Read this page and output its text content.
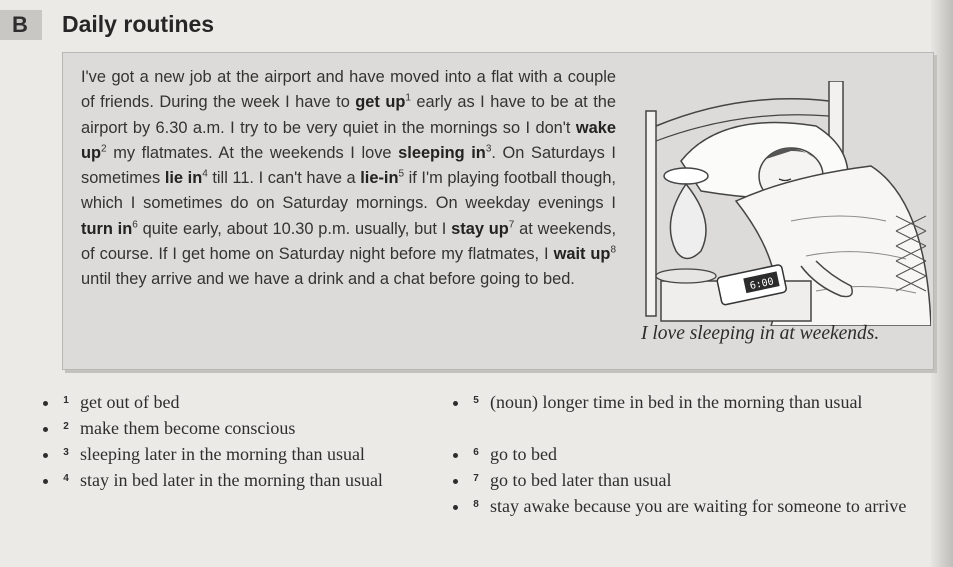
B	Daily routines

I've got a new job at the airport and have moved into a flat with a couple of friends. During the week I have to get $up^1$ early as I have to be at the airport by 6.30 a.m. I try to be very quiet in the mornings so I don't wake $up^2$ my flatmates. At the weekends I love sleeping $in^3$. On Saturdays I sometimes lie $in^4$ till 11. I can't have a lie-$in^5$ if I'm playing football though, which I sometimes do on Saturday mornings. On weekday evenings I turn $in^6$ quite early, about 10.30 p.m. usually, but I stay $up^7$ at weekends, of course. If I get home on Saturday night before my flatmates, I wait $up^8$ until they arrive and we have a drink and a chat before going to bed.	6:00

I love sleeping in at weekends.

• 1 get out of bed
• 2 make them become conscious
• 3 sleeping later in the morning than usual
• 4 stay in bed later in the morning than usual
• 5 (noun) longer time in bed in the morning than usual
• 6 go to bed
• 7 go to bed later than usual
• 8 stay awake because you are waiting for someone to arrive
